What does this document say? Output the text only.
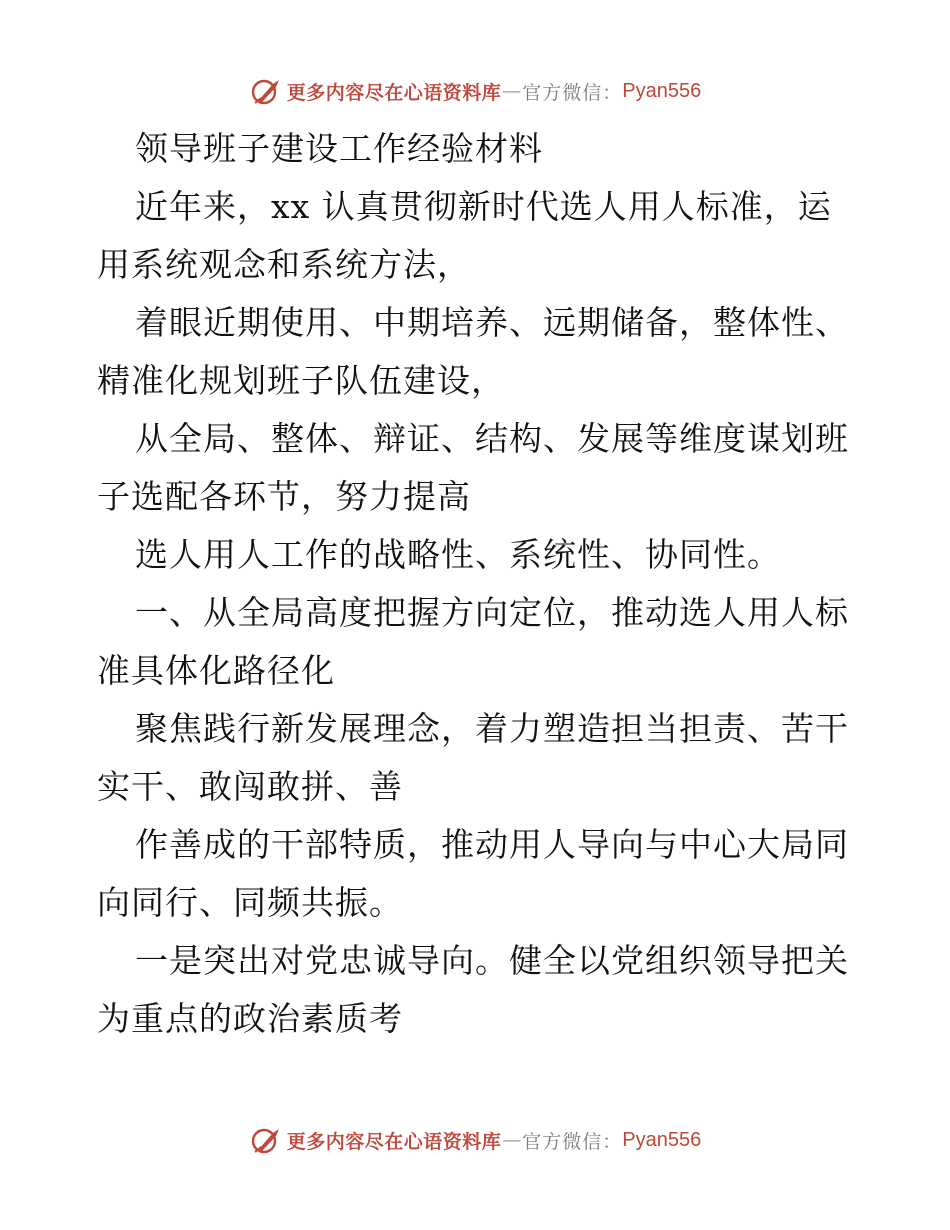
更多内容尽在心语资料库 — 官方微信： Pyan556

领导班子建设工作经验材料

近年来，xx 认真贯彻新时代选人用人标准，运用系统观念和系统方法，

着眼近期使用、中期培养、远期储备，整体性、精准化规划班子队伍建设，

从全局、整体、辩证、结构、发展等维度谋划班子选配各环节，努力提高

选人用人工作的战略性、系统性、协同性。

一、从全局高度把握方向定位，推动选人用人标准具体化路径化

聚焦践行新发展理念，着力塑造担当担责、苦干实干、敢闯敢拼、善

作善成的干部特质，推动用人导向与中心大局同向同行、同频共振。

一是突出对党忠诚导向。健全以党组织领导把关为重点的政治素质考

更多内容尽在心语资料库 — 官方微信： Pyan556
